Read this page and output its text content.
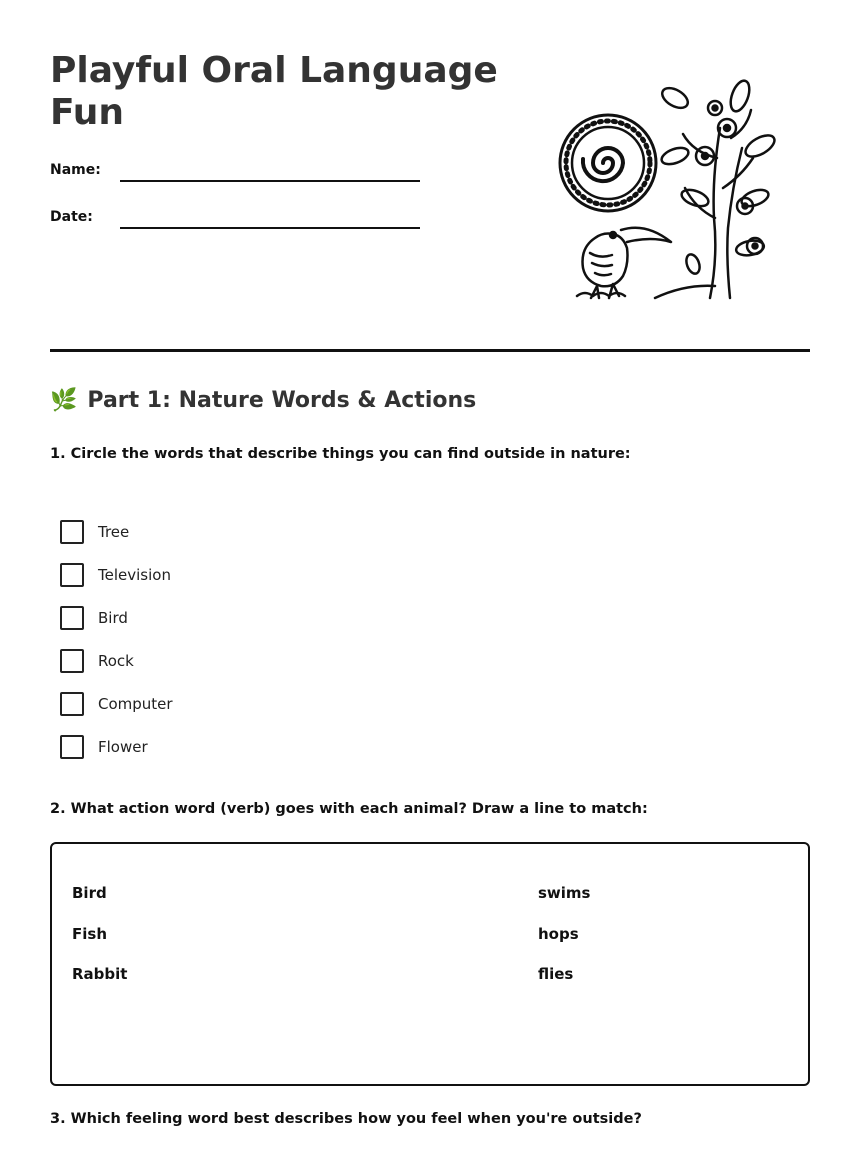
Playful Oral Language
Fun
Name:
Date:
🌿 Part 1: Nature Words & Actions

1. Circle the words that describe things you can find outside in nature:

Tree
Television
Bird
Rock
Computer
Flower

2. What action word (verb) goes with each animal? Draw a line to match:

Bird
Fish
Rabbit
swims
hops
flies

3. Which feeling word best describes how you feel when you're outside?
